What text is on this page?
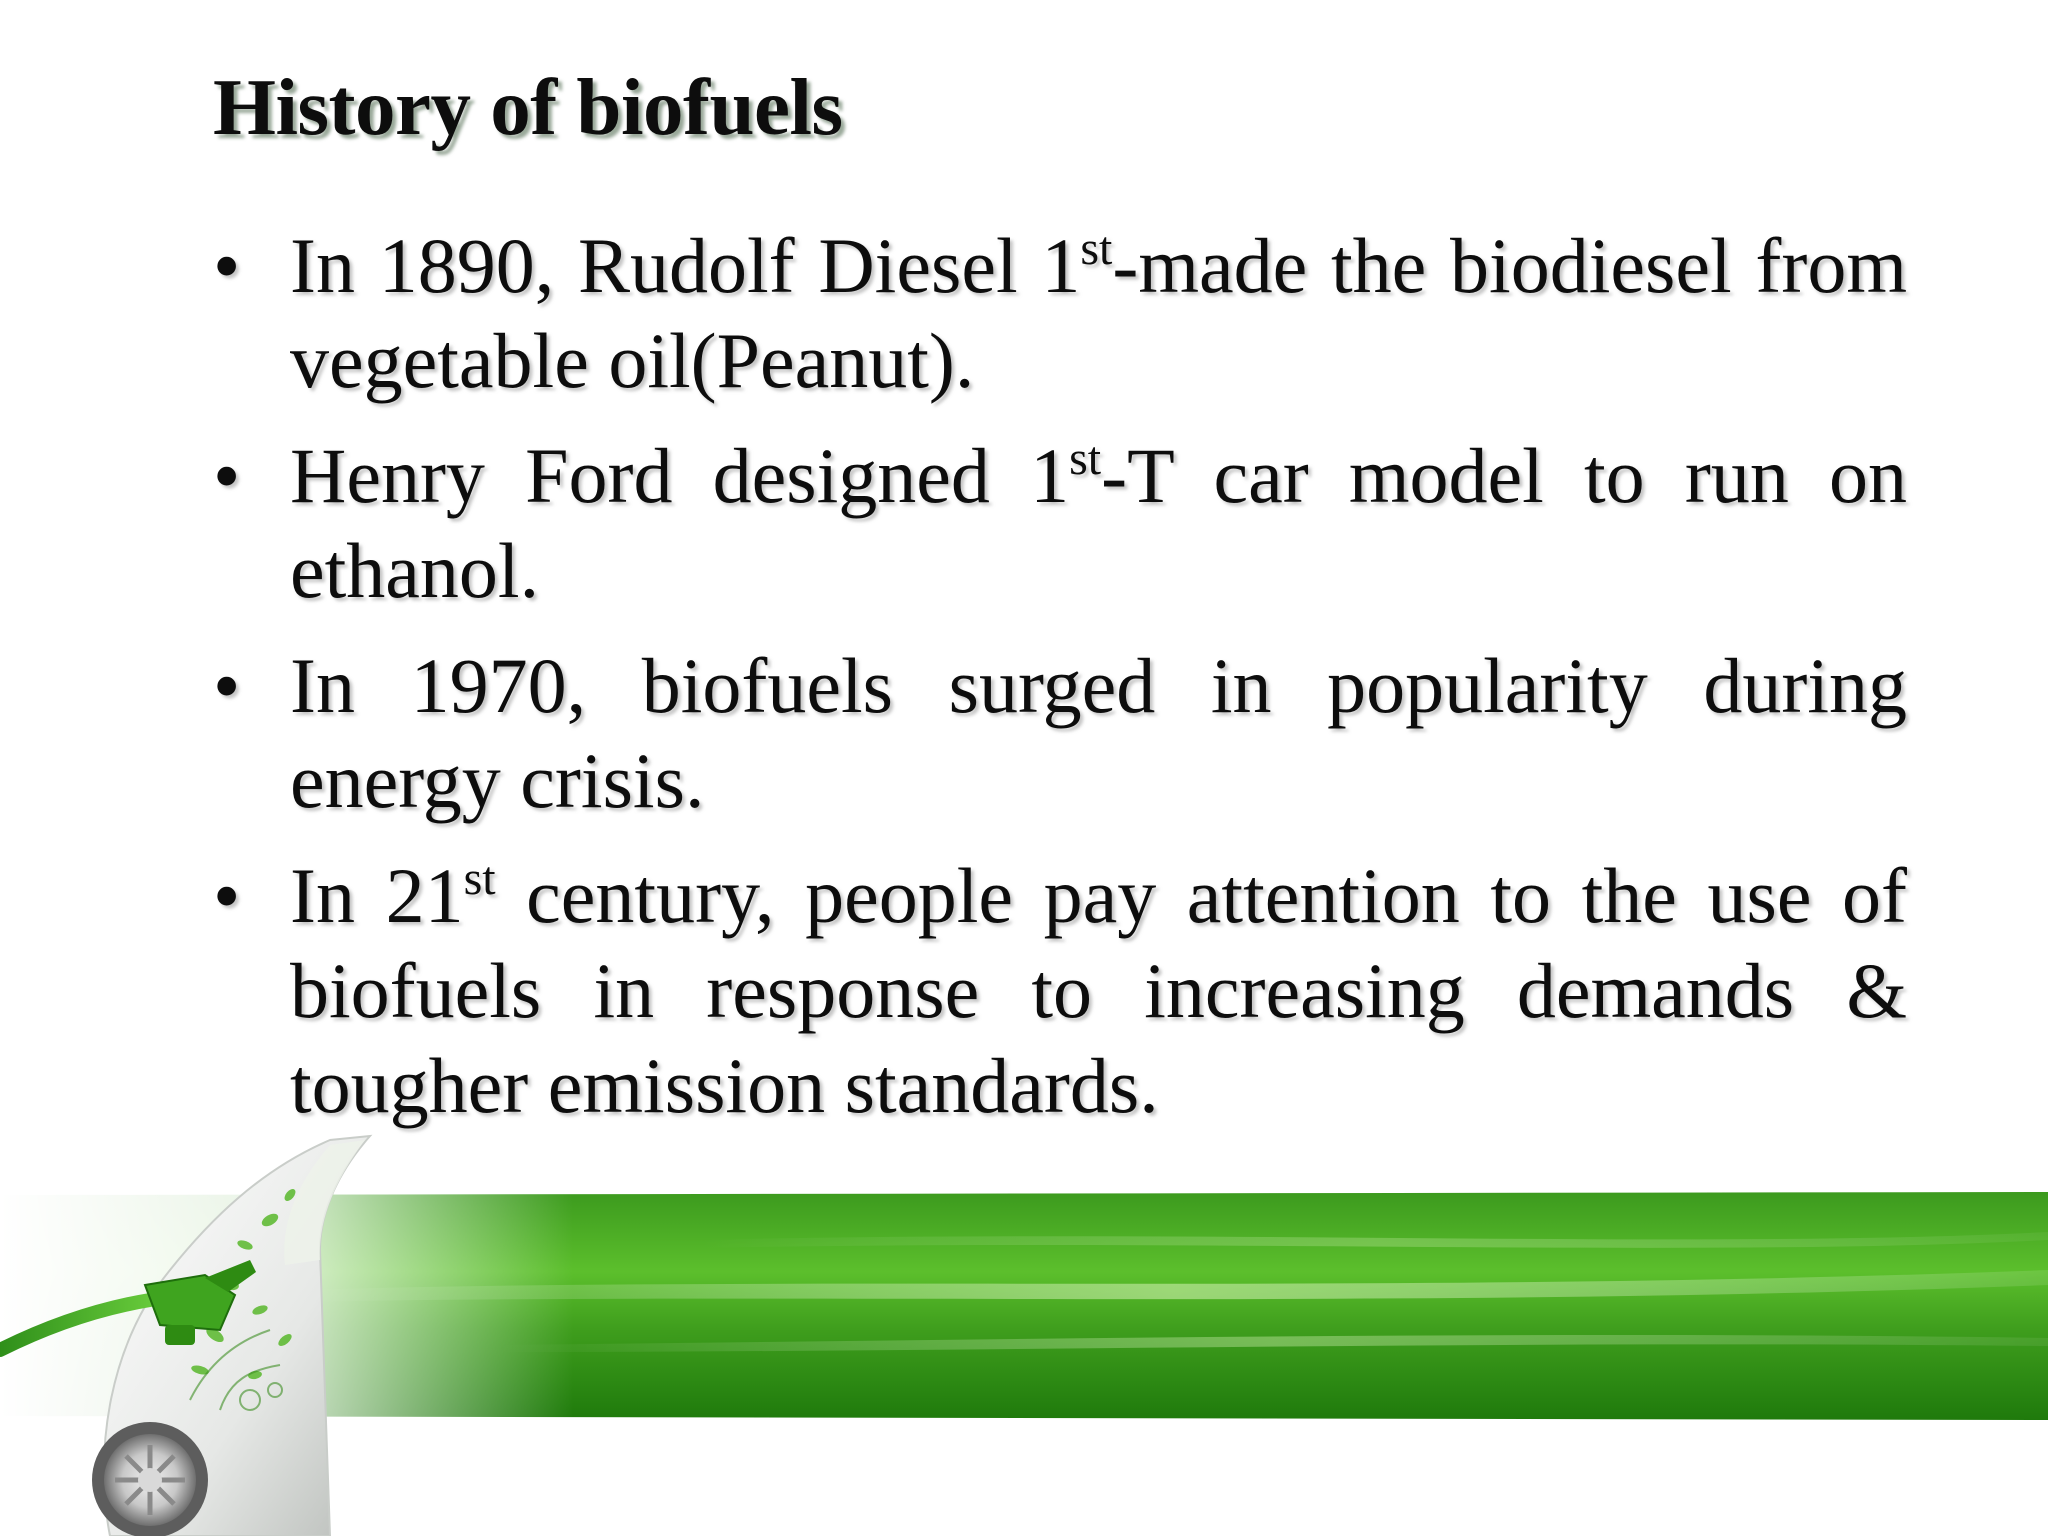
History of biofuels
• In 1890, Rudolf Diesel 1st-made the biodiesel from vegetable oil(Peanut).
• Henry Ford designed 1st-T car model to run on ethanol.
• In 1970, biofuels surged in popularity during energy crisis.
• In 21st century, people pay attention to the use of biofuels in response to increasing demands & tougher emission standards.
